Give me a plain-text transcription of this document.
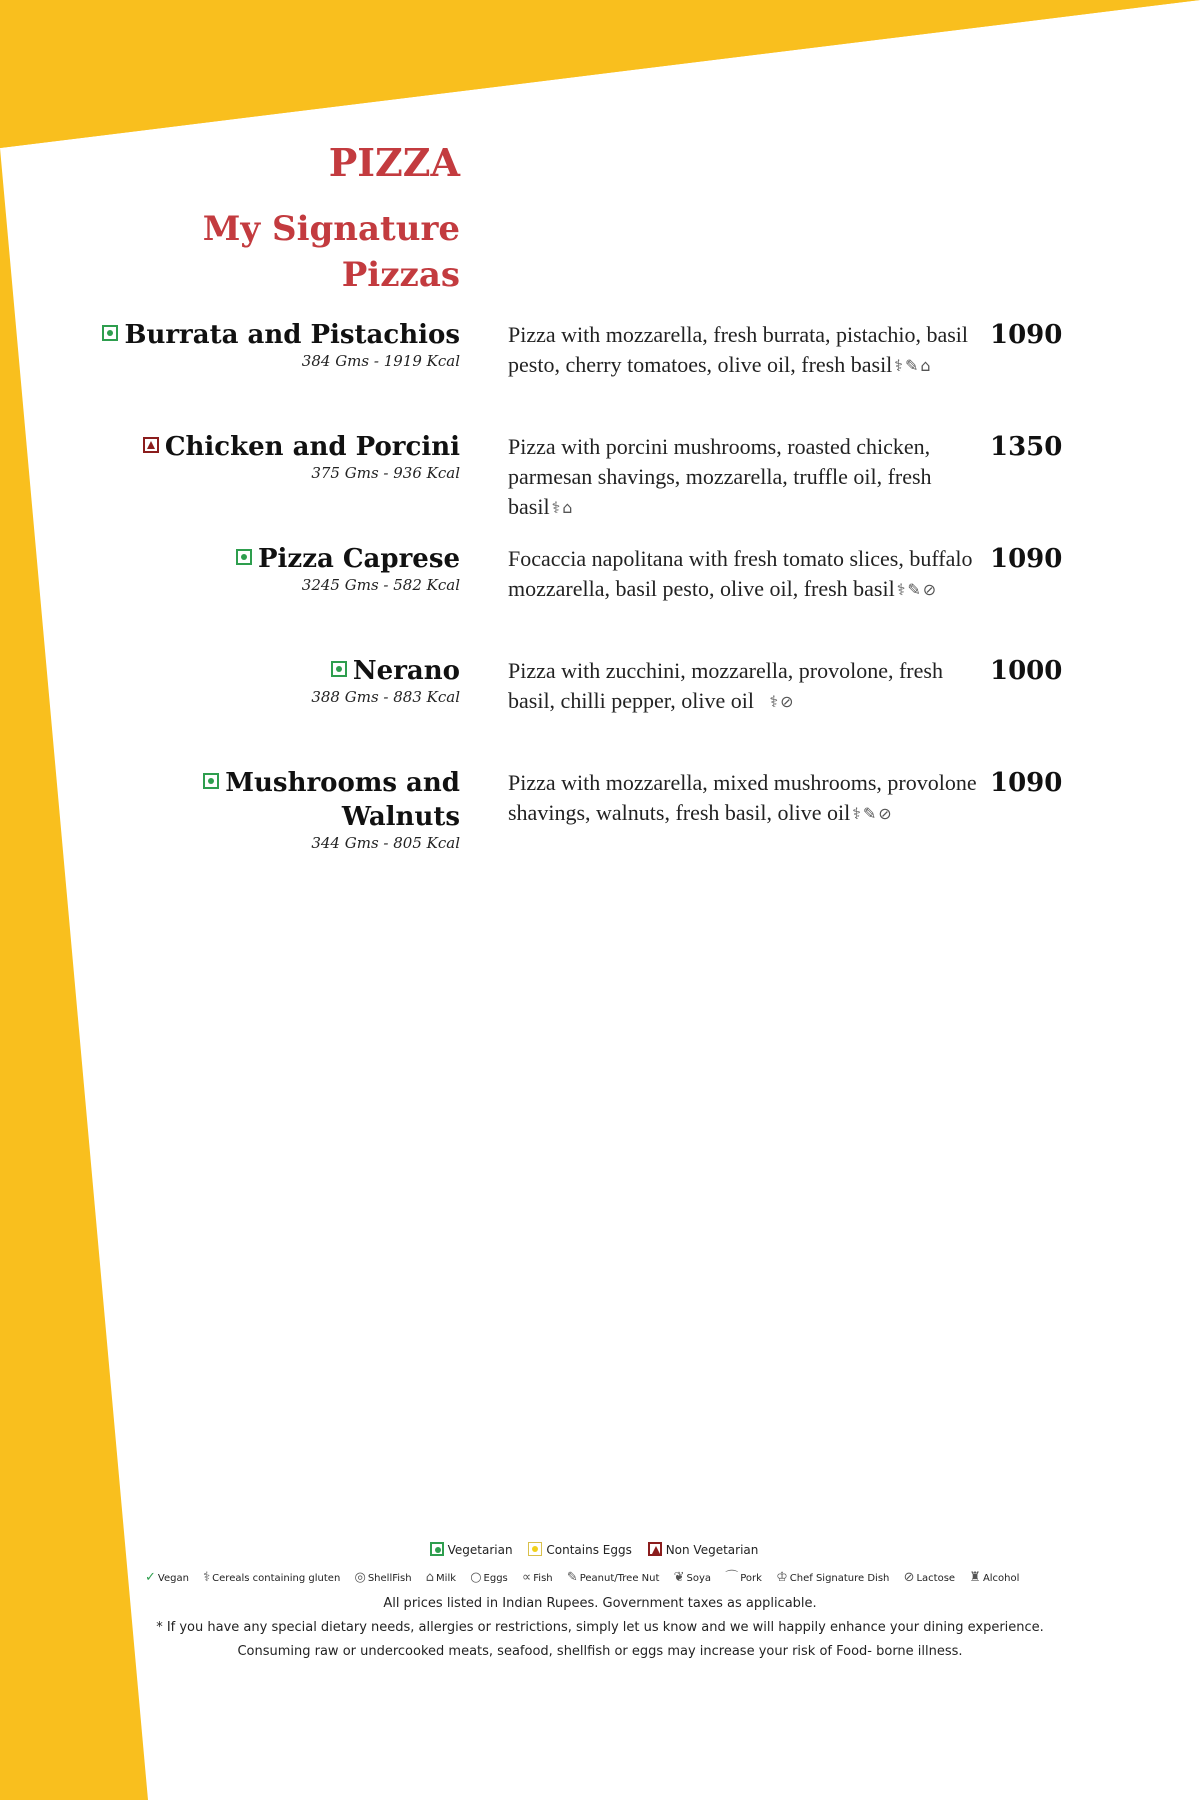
PIZZA
My Signature
Pizzas
Burrata and Pistachios
384 Gms - 1919 Kcal
Pizza with mozzarella, fresh burrata, pistachio, basil pesto, cherry tomatoes, olive oil, fresh basil ⚕ ✎ ⌂
1090
Chicken and Porcini
375 Gms - 936 Kcal
Pizza with porcini mushrooms, roasted chicken, parmesan shavings, mozzarella, truffle oil, fresh basil ⚕ ⌂
1350
Pizza Caprese
3245 Gms - 582 Kcal
Focaccia napolitana with fresh tomato slices, buffalo mozzarella, basil pesto, olive oil, fresh basil ⚕ ✎ ⊘
1090
Nerano
388 Gms - 883 Kcal
Pizza with zucchini, mozzarella, provolone, fresh basil, chilli pepper, olive oil ⚕ ⊘
1000
Mushrooms and
Walnuts
344 Gms - 805 Kcal
Pizza with mozzarella, mixed mushrooms, provolone shavings, walnuts, fresh basil, olive oil ⚕ ✎ ⊘
1090
Vegetarian	Contains Eggs	Non Vegetarian
✓ Vegan ⚕ Cereals containing gluten ◎ ShellFish ⌂ Milk ○ Eggs ∝ Fish ✎ Peanut/Tree Nut ❦ Soya ⌒ Pork ♔ Chef Signature Dish ⊘ Lactose ♜ Alcohol
All prices listed in Indian Rupees. Government taxes as applicable.
* If you have any special dietary needs, allergies or restrictions, simply let us know and we will happily enhance your dining experience.
Consuming raw or undercooked meats, seafood, shellfish or eggs may increase your risk of Food- borne illness.
